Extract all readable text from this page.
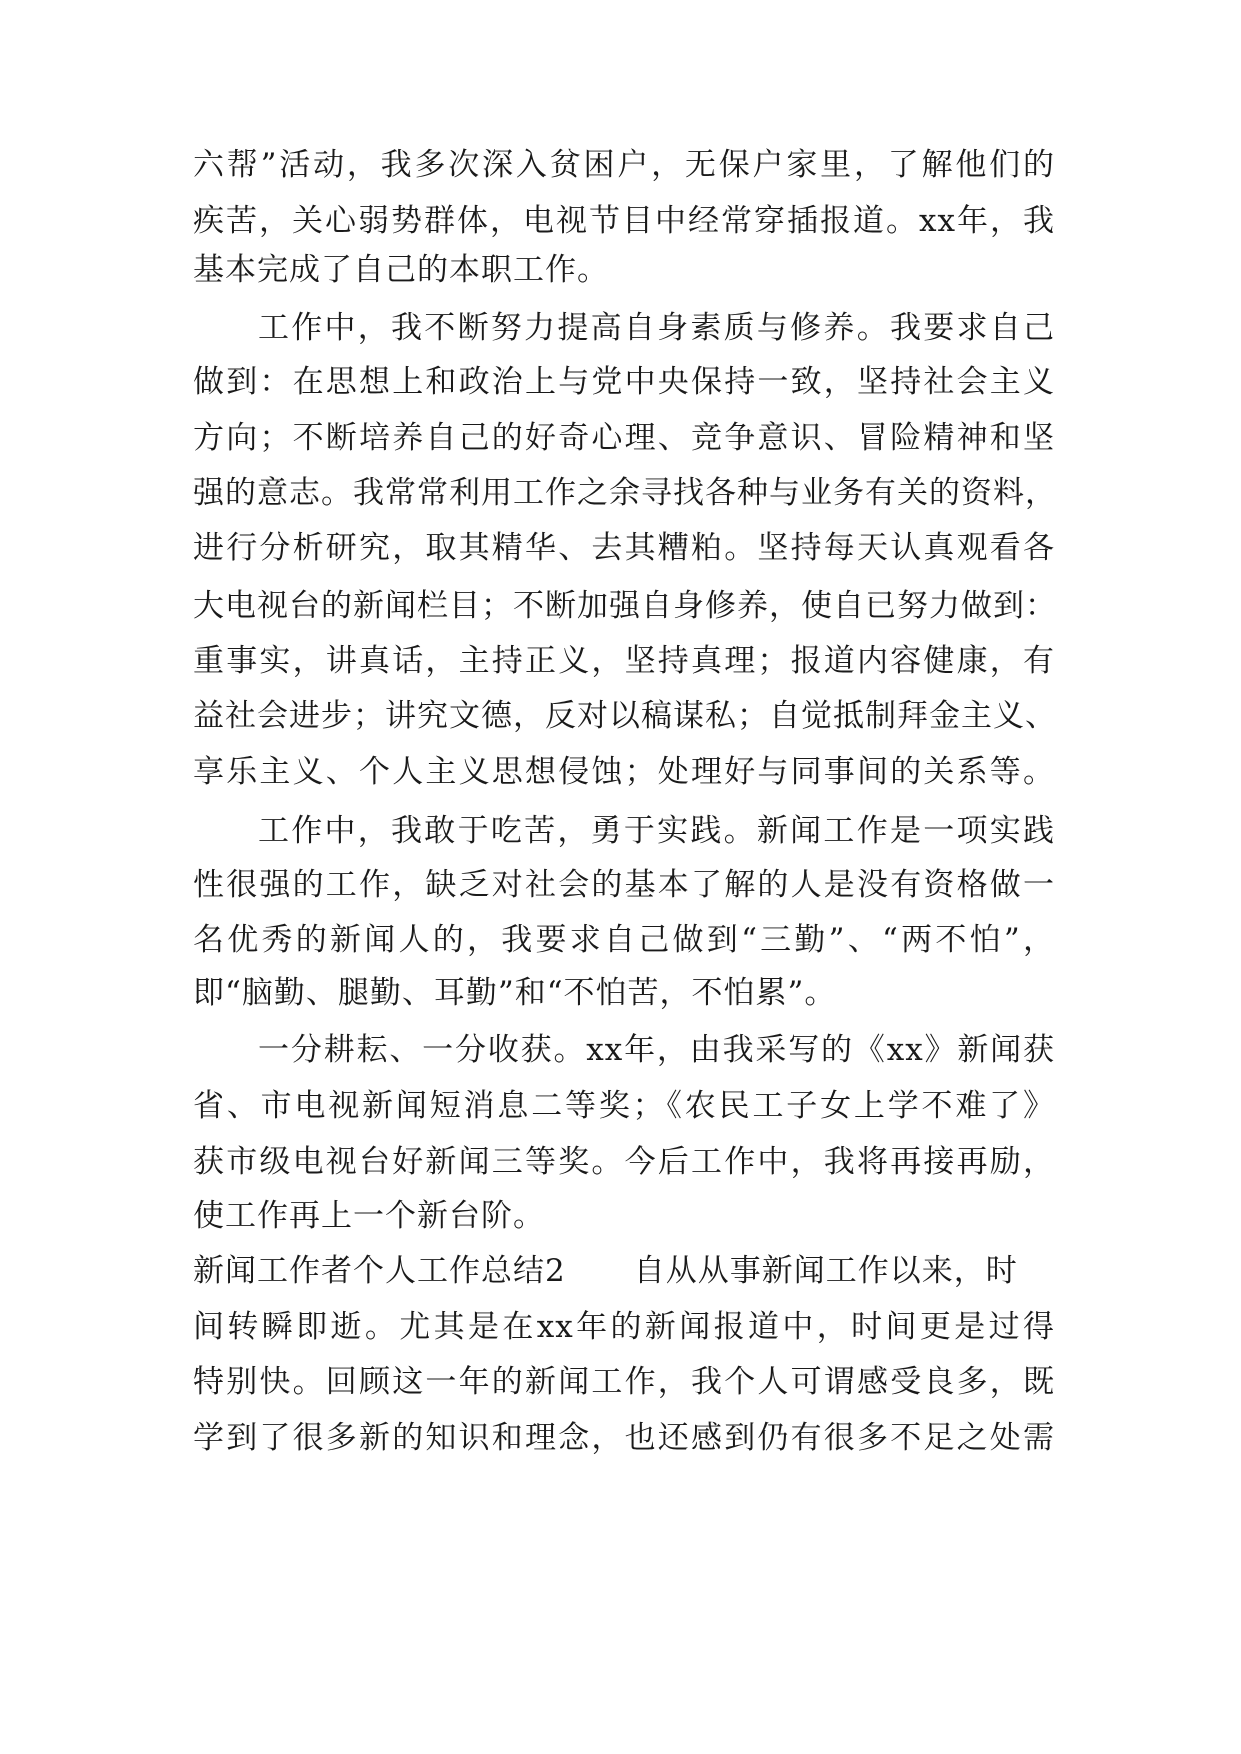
六帮”活动，我多次深入贫困户，无保户家里，了解他们的
疾苦，关心弱势群体，电视节目中经常穿插报道。xx年，我
基本完成了自己的本职工作。
工作中，我不断努力提高自身素质与修养。我要求自己
做到：在思想上和政治上与党中央保持一致，坚持社会主义
方向；不断培养自己的好奇心理、竞争意识、冒险精神和坚
强的意志。我常常利用工作之余寻找各种与业务有关的资料，
进行分析研究，取其精华、去其糟粕。坚持每天认真观看各
大电视台的新闻栏目；不断加强自身修养，使自已努力做到：
重事实，讲真话，主持正义，坚持真理；报道内容健康，有
益社会进步；讲究文德，反对以稿谋私；自觉抵制拜金主义、
享乐主义、个人主义思想侵蚀；处理好与同事间的关系等。
工作中，我敢于吃苦，勇于实践。新闻工作是一项实践
性很强的工作，缺乏对社会的基本了解的人是没有资格做一
名优秀的新闻人的，我要求自己做到“三勤”、“两不怕”，
即“脑勤、腿勤、耳勤”和“不怕苦，不怕累”。
一分耕耘、一分收获。xx年，由我采写的《xx》新闻获
省、市电视新闻短消息二等奖；《农民工子女上学不难了》
获市级电视台好新闻三等奖。今后工作中，我将再接再励，
使工作再上一个新台阶。
新闻工作者个人工作总结2 自从从事新闻工作以来，时
间转瞬即逝。尤其是在xx年的新闻报道中，时间更是过得
特别快。回顾这一年的新闻工作，我个人可谓感受良多，既
学到了很多新的知识和理念，也还感到仍有很多不足之处需
